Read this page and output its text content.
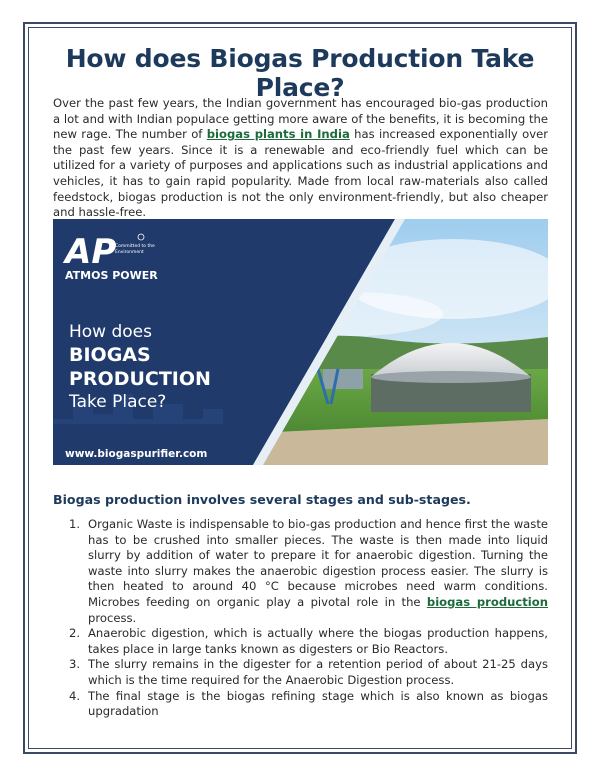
How does Biogas Production Take Place?

Over the past few years, the Indian government has encouraged bio-gas production a lot and with Indian populace getting more aware of the benefits, it is becoming the new rage. The number of biogas plants in India has increased exponentially over the past few years. Since it is a renewable and eco-friendly fuel which can be utilized for a variety of purposes and applications such as industrial applications and vehicles, it has to gain rapid popularity. Made from local raw-materials also called feedstock, biogas production is not the only environment-friendly, but also cheaper and hassle-free.

AP
Committed to the
Environment
ATMOS POWER
How does
BIOGAS
PRODUCTION
Take Place?
www.biogaspurifier.com
Biogas production involves several stages and sub-stages.
1. Organic Waste is indispensable to bio-gas production and hence first the waste has to be crushed into smaller pieces. The waste is then made into liquid slurry by addition of water to prepare it for anaerobic digestion. Turning the waste into slurry makes the anaerobic digestion process easier. The slurry is then heated to around 40 °C because microbes need warm conditions. Microbes feeding on organic play a pivotal role in the biogas production process.
2. Anaerobic digestion, which is actually where the biogas production happens, takes place in large tanks known as digesters or Bio Reactors.
3. The slurry remains in the digester for a retention period of about 21-25 days which is the time required for the Anaerobic Digestion process.
4. The final stage is the biogas refining stage which is also known as biogas upgradation
